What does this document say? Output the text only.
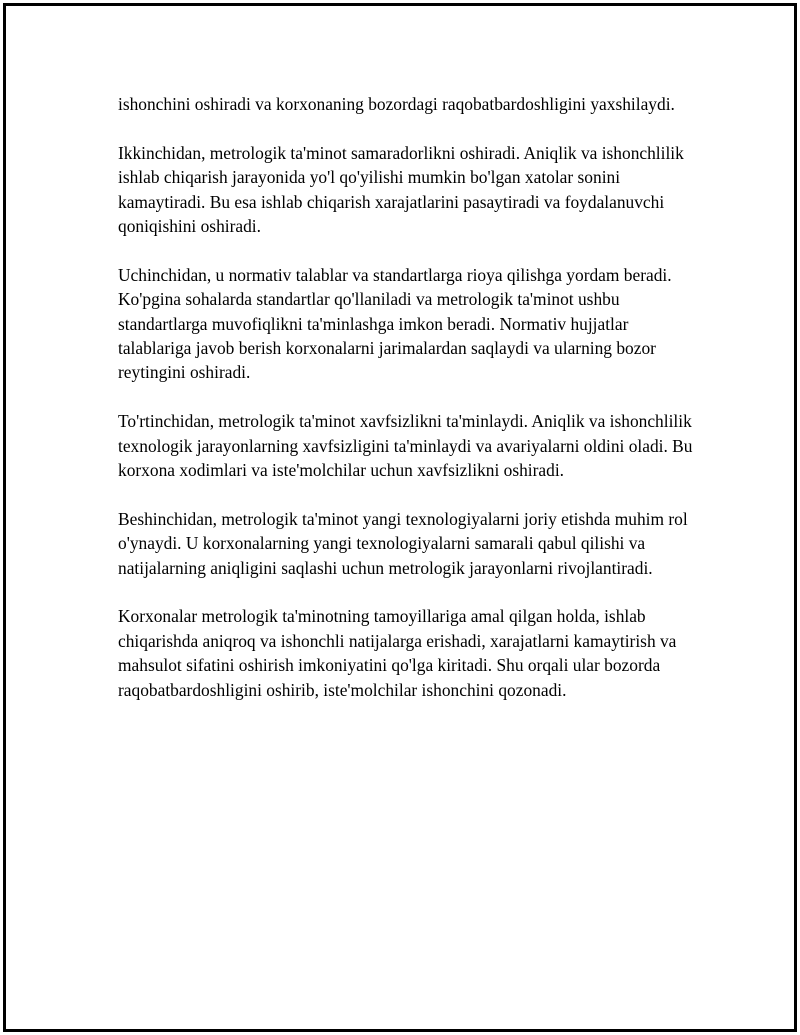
ishonchini oshiradi va korxonaning bozordagi raqobatbardoshligini yaxshilaydi.

Ikkinchidan, metrologik ta'minot samaradorlikni oshiradi. Aniqlik va ishonchlilik ishlab chiqarish jarayonida yo'l qo'yilishi mumkin bo'lgan xatolar sonini kamaytiradi. Bu esa ishlab chiqarish xarajatlarini pasaytiradi va foydalanuvchi qoniqishini oshiradi.

Uchinchidan, u normativ talablar va standartlarga rioya qilishga yordam beradi. Ko'pgina sohalarda standartlar qo'llaniladi va metrologik ta'minot ushbu standartlarga muvofiqlikni ta'minlashga imkon beradi. Normativ hujjatlar talablariga javob berish korxonalarni jarimalardan saqlaydi va ularning bozor reytingini oshiradi.

To'rtinchidan, metrologik ta'minot xavfsizlikni ta'minlaydi. Aniqlik va ishonchlilik texnologik jarayonlarning xavfsizligini ta'minlaydi va avariyalarni oldini oladi. Bu korxona xodimlari va iste'molchilar uchun xavfsizlikni oshiradi.

Beshinchidan, metrologik ta'minot yangi texnologiyalarni joriy etishda muhim rol o'ynaydi. U korxonalarning yangi texnologiyalarni samarali qabul qilishi va natijalarning aniqligini saqlashi uchun metrologik jarayonlarni rivojlantiradi.

Korxonalar metrologik ta'minotning tamoyillariga amal qilgan holda, ishlab chiqarishda aniqroq va ishonchli natijalarga erishadi, xarajatlarni kamaytirish va mahsulot sifatini oshirish imkoniyatini qo'lga kiritadi. Shu orqali ular bozorda raqobatbardoshligini oshirib, iste'molchilar ishonchini qozonadi.
